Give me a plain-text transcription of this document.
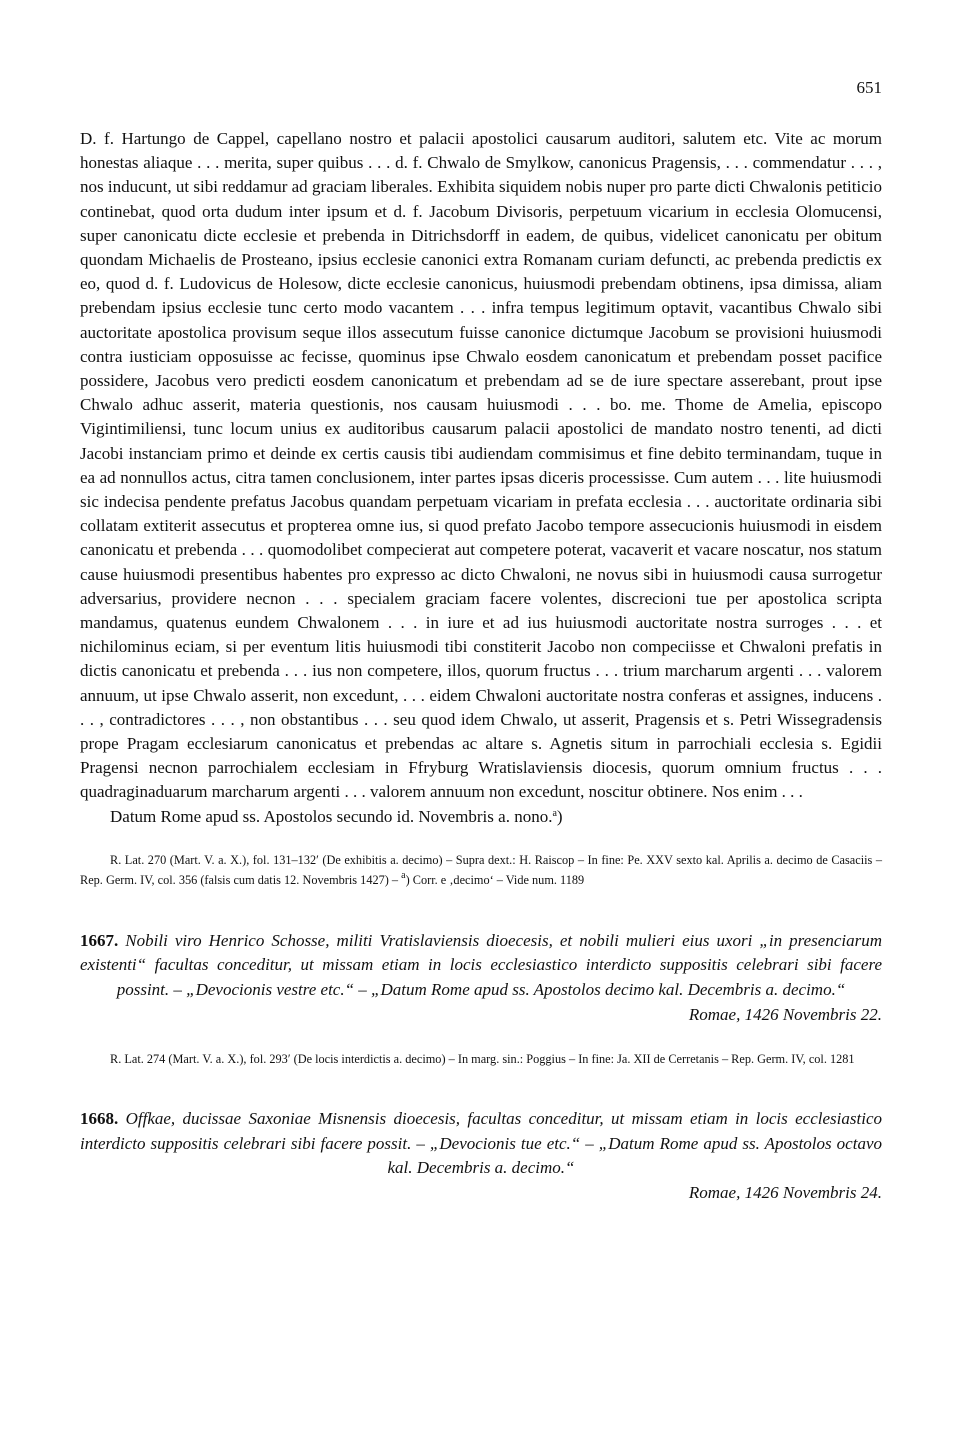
651

D. f. Hartungo de Cappel, capellano nostro et palacii apostolici causarum auditori, salutem etc. Vite ac morum honestas aliaque . . . merita, super quibus . . . d. f. Chwalo de Smylkow, canonicus Pragensis, . . . commendatur . . . , nos inducunt, ut sibi reddamur ad graciam liberales. Exhibita siquidem nobis nuper pro parte dicti Chwalonis petiticio continebat, quod orta dudum inter ipsum et d. f. Jacobum Divisoris, perpetuum vicarium in ecclesia Olomucensi, super canonicatu dicte ecclesie et prebenda in Ditrichsdorff in eadem, de quibus, videlicet canonicatu per obitum quondam Michaelis de Prosteano, ipsius ecclesie canonici extra Romanam curiam defuncti, ac prebenda predictis ex eo, quod d. f. Ludovicus de Holesow, dicte ecclesie canonicus, huiusmodi prebendam obtinens, ipsa dimissa, aliam prebendam ipsius ecclesie tunc certo modo vacantem . . . infra tempus legitimum optavit, vacantibus Chwalo sibi auctoritate apostolica provisum seque illos assecutum fuisse canonice dictumque Jacobum se provisioni huiusmodi contra iusticiam opposuisse ac fecisse, quominus ipse Chwalo eosdem canonicatum et prebendam posset pacifice possidere, Jacobus vero predicti eosdem canonicatum et prebendam ad se de iure spectare asserebant, prout ipse Chwalo adhuc asserit, materia questionis, nos causam huiusmodi . . . bo. me. Thome de Amelia, episcopo Vigintimiliensi, tunc locum unius ex auditoribus causarum palacii apostolici de mandato nostro tenenti, ad dicti Jacobi instanciam primo et deinde ex certis causis tibi audiendam commisimus et fine debito terminandam, tuque in ea ad nonnullos actus, citra tamen conclusionem, inter partes ipsas diceris processisse. Cum autem . . . lite huiusmodi sic indecisa pendente prefatus Jacobus quandam perpetuam vicariam in prefata ecclesia . . . auctoritate ordinaria sibi collatam extiterit assecutus et propterea omne ius, si quod prefato Jacobo tempore assecucionis huiusmodi in eisdem canonicatu et prebenda . . . quomodolibet compecierat aut competere poterat, vacaverit et vacare noscatur, nos statum cause huiusmodi presentibus habentes pro expresso ac dicto Chwaloni, ne novus sibi in huiusmodi causa surrogetur adversarius, providere necnon . . . specialem graciam facere volentes, discrecioni tue per apostolica scripta mandamus, quatenus eundem Chwalonem . . . in iure et ad ius huiusmodi auctoritate nostra surroges . . . et nichilominus eciam, si per eventum litis huiusmodi tibi constiterit Jacobo non compeciisse et Chwaloni prefatis in dictis canonicatu et prebenda . . . ius non competere, illos, quorum fructus . . . trium marcharum argenti . . . valorem annuum, ut ipse Chwalo asserit, non excedunt, . . . eidem Chwaloni auctoritate nostra conferas et assignes, inducens . . . , contradictores . . . , non obstantibus . . . seu quod idem Chwalo, ut asserit, Pragensis et s. Petri Wissegradensis prope Pragam ecclesiarum canonicatus et prebendas ac altare s. Agnetis situm in parrochiali ecclesia s. Egidii Pragensi necnon parrochialem ecclesiam in Ffryburg Wratislaviensis diocesis, quorum omnium fructus . . . quadraginaduarum marcharum argenti . . . valorem annuum non excedunt, noscitur obtinere. Nos enim . . .

Datum Rome apud ss. Apostolos secundo id. Novembris a. nono.$^a$)

R. Lat. 270 (Mart. V. a. X.), fol. 131–132′ (De exhibitis a. decimo) – Supra dext.: H. Raiscop – In fine: Pe. XXV sexto kal. Aprilis a. decimo de Casaciis – Rep. Germ. IV, col. 356 (falsis cum datis 12. Novembris 1427) – $^a$) Corr. e ‚decimo‘ – Vide num. 1189

1667. Nobili viro Henrico Schosse, militi Vratislaviensis dioecesis, et nobili mulieri eius uxori „in presenciarum existenti“ facultas conceditur, ut missam etiam in locis ecclesiastico interdicto suppositis celebrari sibi facere possint. – „Devocionis vestre etc.“ – „Datum Rome apud ss. Apostolos decimo kal. Decembris a. decimo.“

Romae, 1426 Novembris 22.

R. Lat. 274 (Mart. V. a. X.), fol. 293′ (De locis interdictis a. decimo) – In marg. sin.: Poggius – In fine: Ja. XII de Cerretanis – Rep. Germ. IV, col. 1281

1668. Offkae, ducissae Saxoniae Misnensis dioecesis, facultas conceditur, ut missam etiam in locis ecclesiastico interdicto suppositis celebrari sibi facere possit. – „Devocionis tue etc.“ – „Datum Rome apud ss. Apostolos octavo kal. Decembris a. decimo.“

Romae, 1426 Novembris 24.
